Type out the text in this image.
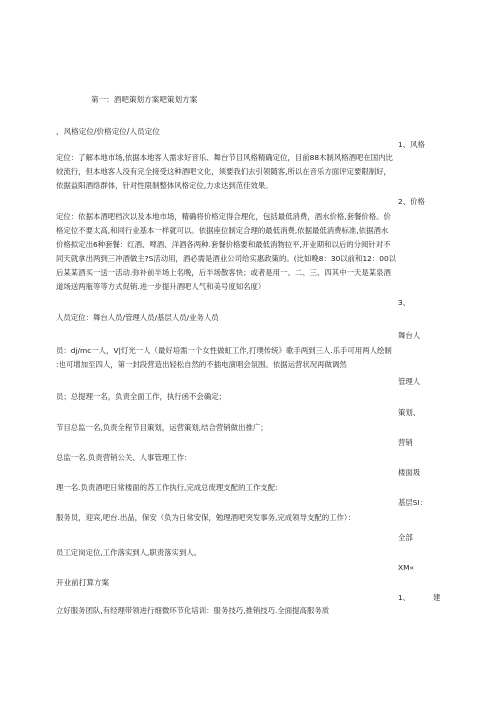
第一：酒吧策划方案吧策划方案
、风格定位/价格定位/人员定位
1、风格
定位：了解本地市场,依据本地客人需求好音乐、舞台节目风格精确定位，目前88木制风格酒吧在国内比
较流行，但本地客人没有完全接受这种酒吧文化，须要我们去引领随客,所以在音乐方面评定要限制好，
依据益阳酒络群体，针对性限制整体风格定位,力求达到范佳效果。
2、价格
定位：依据本酒吧档次以及本地市场，精确将价格定得合理化，包括最低消费，酒水价格,套餐价格。价
格定位不要太高,和同行业基本一样就可以。依据座位制定合理的最低消费,依据最低消费标准,依据酒水
价格拟定出6种套餐：红酒、啤酒、洋酒各两种.套餐价格要和最低消物拉平,开业期和以后的分阅针对不
同天就拿出两到三冲酒做主?S活动用，酒必需是酒业公司给实惠政策的。(比如晚8：30以前和12：00以
后某某酒买一送一活动.弥补前半场上名晚，后半场散客快；或者是用一、二、三、四其中一天是某泉酒
道场送两瓶等等方式促销.进一步提升酒吧人气和美号度知名度）
3、
人员定位：舞台人员/管理人员/基层人员/业务人员
舞台人
员：dj/mc一人，V|灯光一人（最好培需一个女性做虹工作,打璞传统》歌手两到三人.乐手可用两人绘制
:也可增加至四人，第一封段营造出轻松自然的不插电演唱会氛围。依据运营状况再做调然
管理人
员；总提理一名，负责全面工作，执行函不会确定；
策划、
节目总监一名,负责全程节目策划，运营策划,结合营销做出推广；
营销
总监一名.负责营销公关、人事管理工作：
楼面圾
理一名.负责酒吧日常楼面的苏工作执行,完成总废理支配的工作支配：
基层SI：
服务员，迎宾,吧台.出品，保安（负为日常安保，勉理酒吧突发事务,完成领导支配的工作）：
全部
员工定岗定位,工作落实到人,职责落实到人。
XM«
开业前打算方案
1、	建
立好服务团队,有经理带领进行细微环节化培训：服务技巧,推销技巧.全面提高服务质
